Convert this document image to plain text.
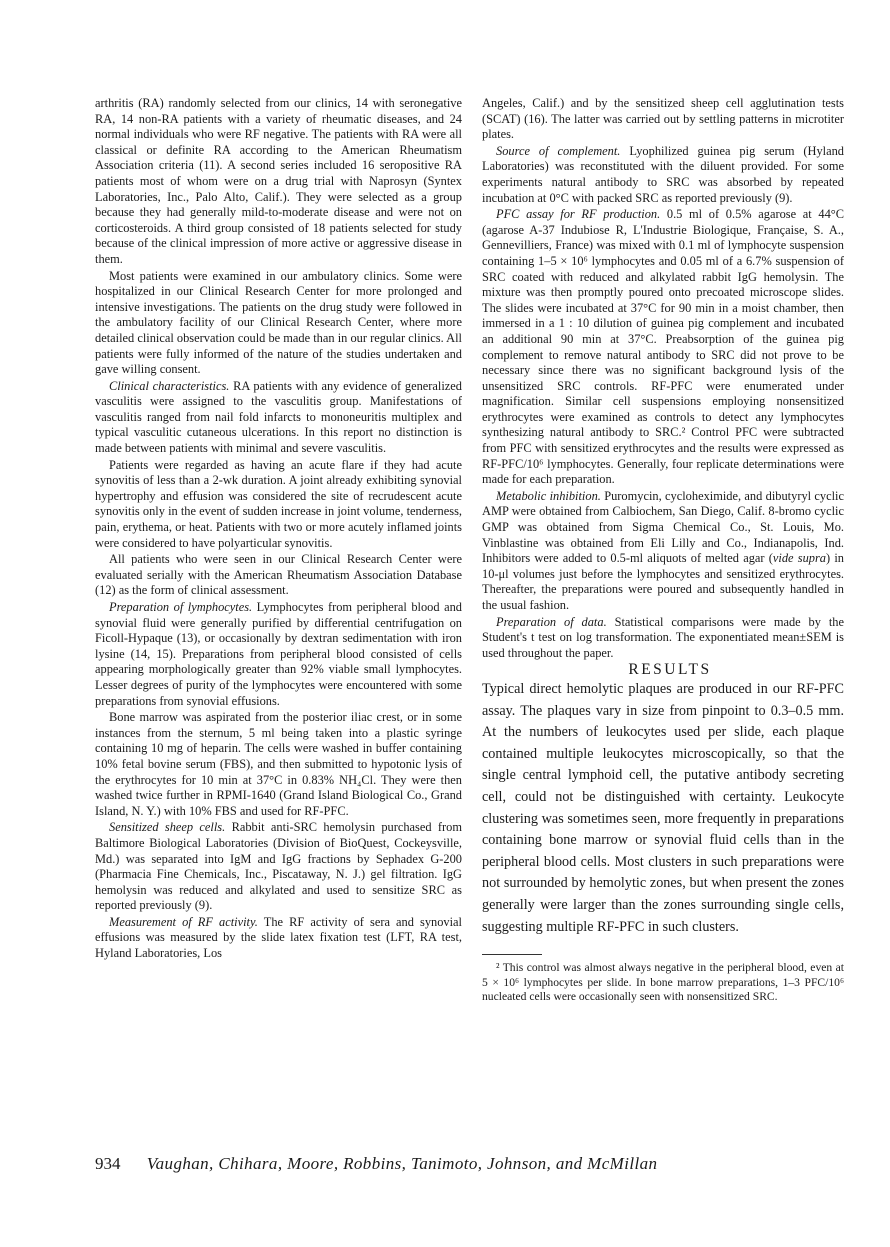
arthritis (RA) randomly selected from our clinics, 14 with seronegative RA, 14 non-RA patients with a variety of rheumatic diseases, and 24 normal individuals who were RF negative. The patients with RA were all classical or definite RA according to the American Rheumatism Association criteria (11). A second series included 16 seropositive RA patients most of whom were on a drug trial with Naprosyn (Syntex Laboratories, Inc., Palo Alto, Calif.). They were selected as a group because they had generally mild-to-moderate disease and were not on corticosteroids. A third group consisted of 18 patients selected for study because of the clinical impression of more active or aggressive disease in them.

Most patients were examined in our ambulatory clinics. Some were hospitalized in our Clinical Research Center for more prolonged and intensive investigations. The patients on the drug study were followed in the ambulatory facility of our Clinical Research Center, where more detailed clinical observation could be made than in our regular clinics. All patients were fully informed of the nature of the studies undertaken and gave willing consent.

Clinical characteristics. RA patients with any evidence of generalized vasculitis were assigned to the vasculitis group. Manifestations of vasculitis ranged from nail fold infarcts to mononeuritis multiplex and typical vasculitic cutaneous ulcerations. In this report no distinction is made between patients with minimal and severe vasculitis.

Patients were regarded as having an acute flare if they had acute synovitis of less than a 2-wk duration. A joint already exhibiting synovial hypertrophy and effusion was considered the site of recrudescent acute synovitis only in the event of sudden increase in joint volume, tenderness, pain, erythema, or heat. Patients with two or more acutely inflamed joints were considered to have polyarticular synovitis.

All patients who were seen in our Clinical Research Center were evaluated serially with the American Rheumatism Association Database (12) as the form of clinical assessment.

Preparation of lymphocytes. Lymphocytes from peripheral blood and synovial fluid were generally purified by differential centrifugation on Ficoll-Hypaque (13), or occasionally by dextran sedimentation with iron lysine (14, 15). Preparations from peripheral blood consisted of cells appearing morphologically greater than 92% viable small lymphocytes. Lesser degrees of purity of the lymphocytes were encountered with some preparations from synovial effusions.

Bone marrow was aspirated from the posterior iliac crest, or in some instances from the sternum, 5 ml being taken into a plastic syringe containing 10 mg of heparin. The cells were washed in buffer containing 10% fetal bovine serum (FBS), and then submitted to hypotonic lysis of the erythrocytes for 10 min at 37°C in 0.83% NH₄Cl. They were then washed twice further in RPMI-1640 (Grand Island Biological Co., Grand Island, N. Y.) with 10% FBS and used for RF-PFC.

Sensitized sheep cells. Rabbit anti-SRC hemolysin purchased from Baltimore Biological Laboratories (Division of BioQuest, Cockeysville, Md.) was separated into IgM and IgG fractions by Sephadex G-200 (Pharmacia Fine Chemicals, Inc., Piscataway, N. J.) gel filtration. IgG hemolysin was reduced and alkylated and used to sensitize SRC as reported previously (9).

Measurement of RF activity. The RF activity of sera and synovial effusions was measured by the slide latex fixation test (LFT, RA test, Hyland Laboratories, Los

Angeles, Calif.) and by the sensitized sheep cell agglutination tests (SCAT) (16). The latter was carried out by settling patterns in microtiter plates.

Source of complement. Lyophilized guinea pig serum (Hyland Laboratories) was reconstituted with the diluent provided. For some experiments natural antibody to SRC was absorbed by repeated incubation at 0°C with packed SRC as reported previously (9).

PFC assay for RF production. 0.5 ml of 0.5% agarose at 44°C (agarose A-37 Indubiose R, L'Industrie Biologique, Française, S. A., Gennevilliers, France) was mixed with 0.1 ml of lymphocyte suspension containing 1–5 × 10⁶ lymphocytes and 0.05 ml of a 6.7% suspension of SRC coated with reduced and alkylated rabbit IgG hemolysin. The mixture was then promptly poured onto precoated microscope slides. The slides were incubated at 37°C for 90 min in a moist chamber, then immersed in a 1 : 10 dilution of guinea pig complement and incubated an additional 90 min at 37°C. Preabsorption of the guinea pig complement to remove natural antibody to SRC did not prove to be necessary since there was no significant background lysis of the unsensitized SRC controls. RF-PFC were enumerated under magnification. Similar cell suspensions employing nonsensitized erythrocytes were examined as controls to detect any lymphocytes synthesizing natural antibody to SRC.² Control PFC were subtracted from PFC with sensitized erythrocytes and the results were expressed as RF-PFC/10⁶ lymphocytes. Generally, four replicate determinations were made for each preparation.

Metabolic inhibition. Puromycin, cycloheximide, and dibutyryl cyclic AMP were obtained from Calbiochem, San Diego, Calif. 8-bromo cyclic GMP was obtained from Sigma Chemical Co., St. Louis, Mo. Vinblastine was obtained from Eli Lilly and Co., Indianapolis, Ind. Inhibitors were added to 0.5-ml aliquots of melted agar (vide supra) in 10-μl volumes just before the lymphocytes and sensitized erythrocytes. Thereafter, the preparations were poured and subsequently handled in the usual fashion.

Preparation of data. Statistical comparisons were made by the Student's t test on log transformation. The exponentiated mean±SEM is used throughout the paper.

RESULTS

Typical direct hemolytic plaques are produced in our RF-PFC assay. The plaques vary in size from pinpoint to 0.3–0.5 mm. At the numbers of leukocytes used per slide, each plaque contained multiple leukocytes microscopically, so that the single central lymphoid cell, the putative antibody secreting cell, could not be distinguished with certainty. Leukocyte clustering was sometimes seen, more frequently in preparations containing bone marrow or synovial fluid cells than in the peripheral blood cells. Most clusters in such preparations were not surrounded by hemolytic zones, but when present the zones generally were larger than the zones surrounding single cells, suggesting multiple RF-PFC in such clusters.

² This control was almost always negative in the peripheral blood, even at 5 × 10⁶ lymphocytes per slide. In bone marrow preparations, 1–3 PFC/10⁶ nucleated cells were occasionally seen with nonsensitized SRC.

934 Vaughan, Chihara, Moore, Robbins, Tanimoto, Johnson, and McMillan
